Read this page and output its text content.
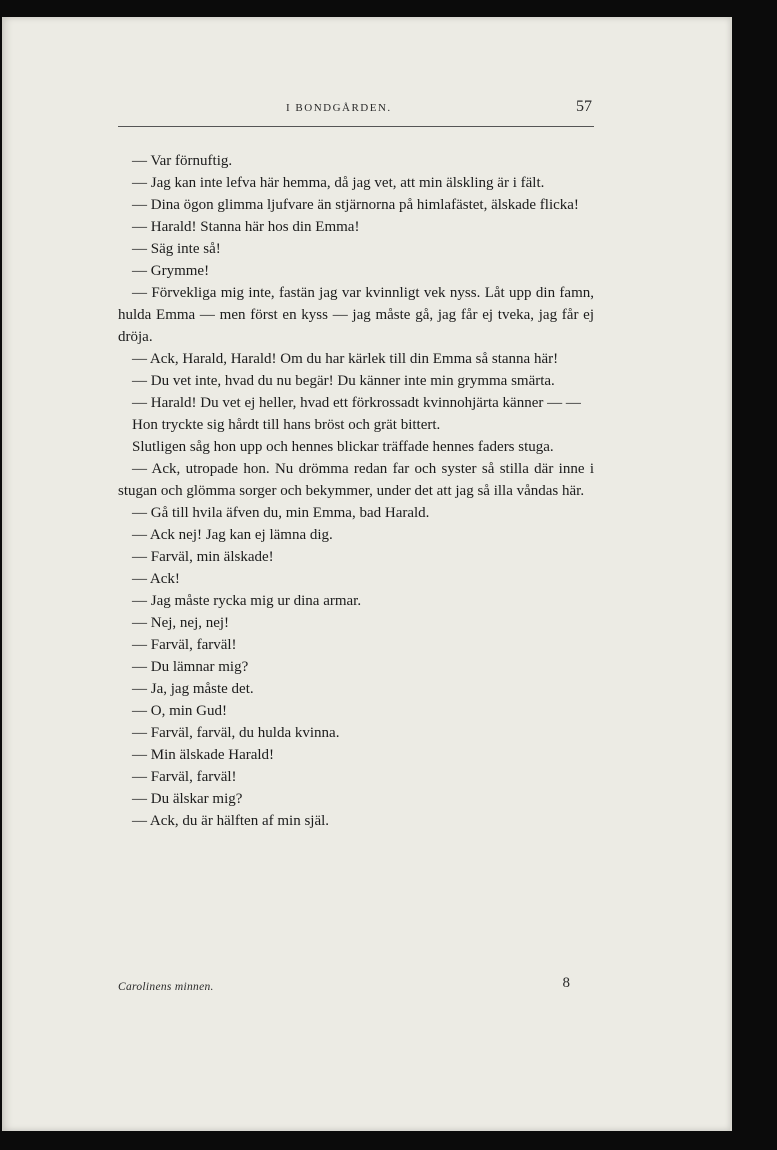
I BONDGÅRDEN.	57

— Var förnuftig.

— Jag kan inte lefva här hemma, då jag vet, att min älskling är i fält.

— Dina ögon glimma ljufvare än stjärnorna på himlafästet, älskade flicka!

— Harald! Stanna här hos din Emma!

— Säg inte så!

— Grymme!

— Förvekliga mig inte, fastän jag var kvinnligt vek nyss. Låt upp din famn, hulda Emma — men först en kyss — jag måste gå, jag får ej tveka, jag får ej dröja.

— Ack, Harald, Harald! Om du har kärlek till din Emma så stanna här!

— Du vet inte, hvad du nu begär! Du känner inte min grymma smärta.

— Harald! Du vet ej heller, hvad ett förkrossadt kvinnohjärta känner — —

Hon tryckte sig hårdt till hans bröst och grät bittert.

Slutligen såg hon upp och hennes blickar träffade hennes faders stuga.

— Ack, utropade hon. Nu drömma redan far och syster så stilla där inne i stugan och glömma sorger och bekymmer, under det att jag så illa våndas här.

— Gå till hvila äfven du, min Emma, bad Harald.

— Ack nej! Jag kan ej lämna dig.

— Farväl, min älskade!

— Ack!

— Jag måste rycka mig ur dina armar.

— Nej, nej, nej!

— Farväl, farväl!

— Du lämnar mig?

— Ja, jag måste det.

— O, min Gud!

— Farväl, farväl, du hulda kvinna.

— Min älskade Harald!

— Farväl, farväl!

— Du älskar mig?

— Ack, du är hälften af min själ.

Carolinens minnen.	8
